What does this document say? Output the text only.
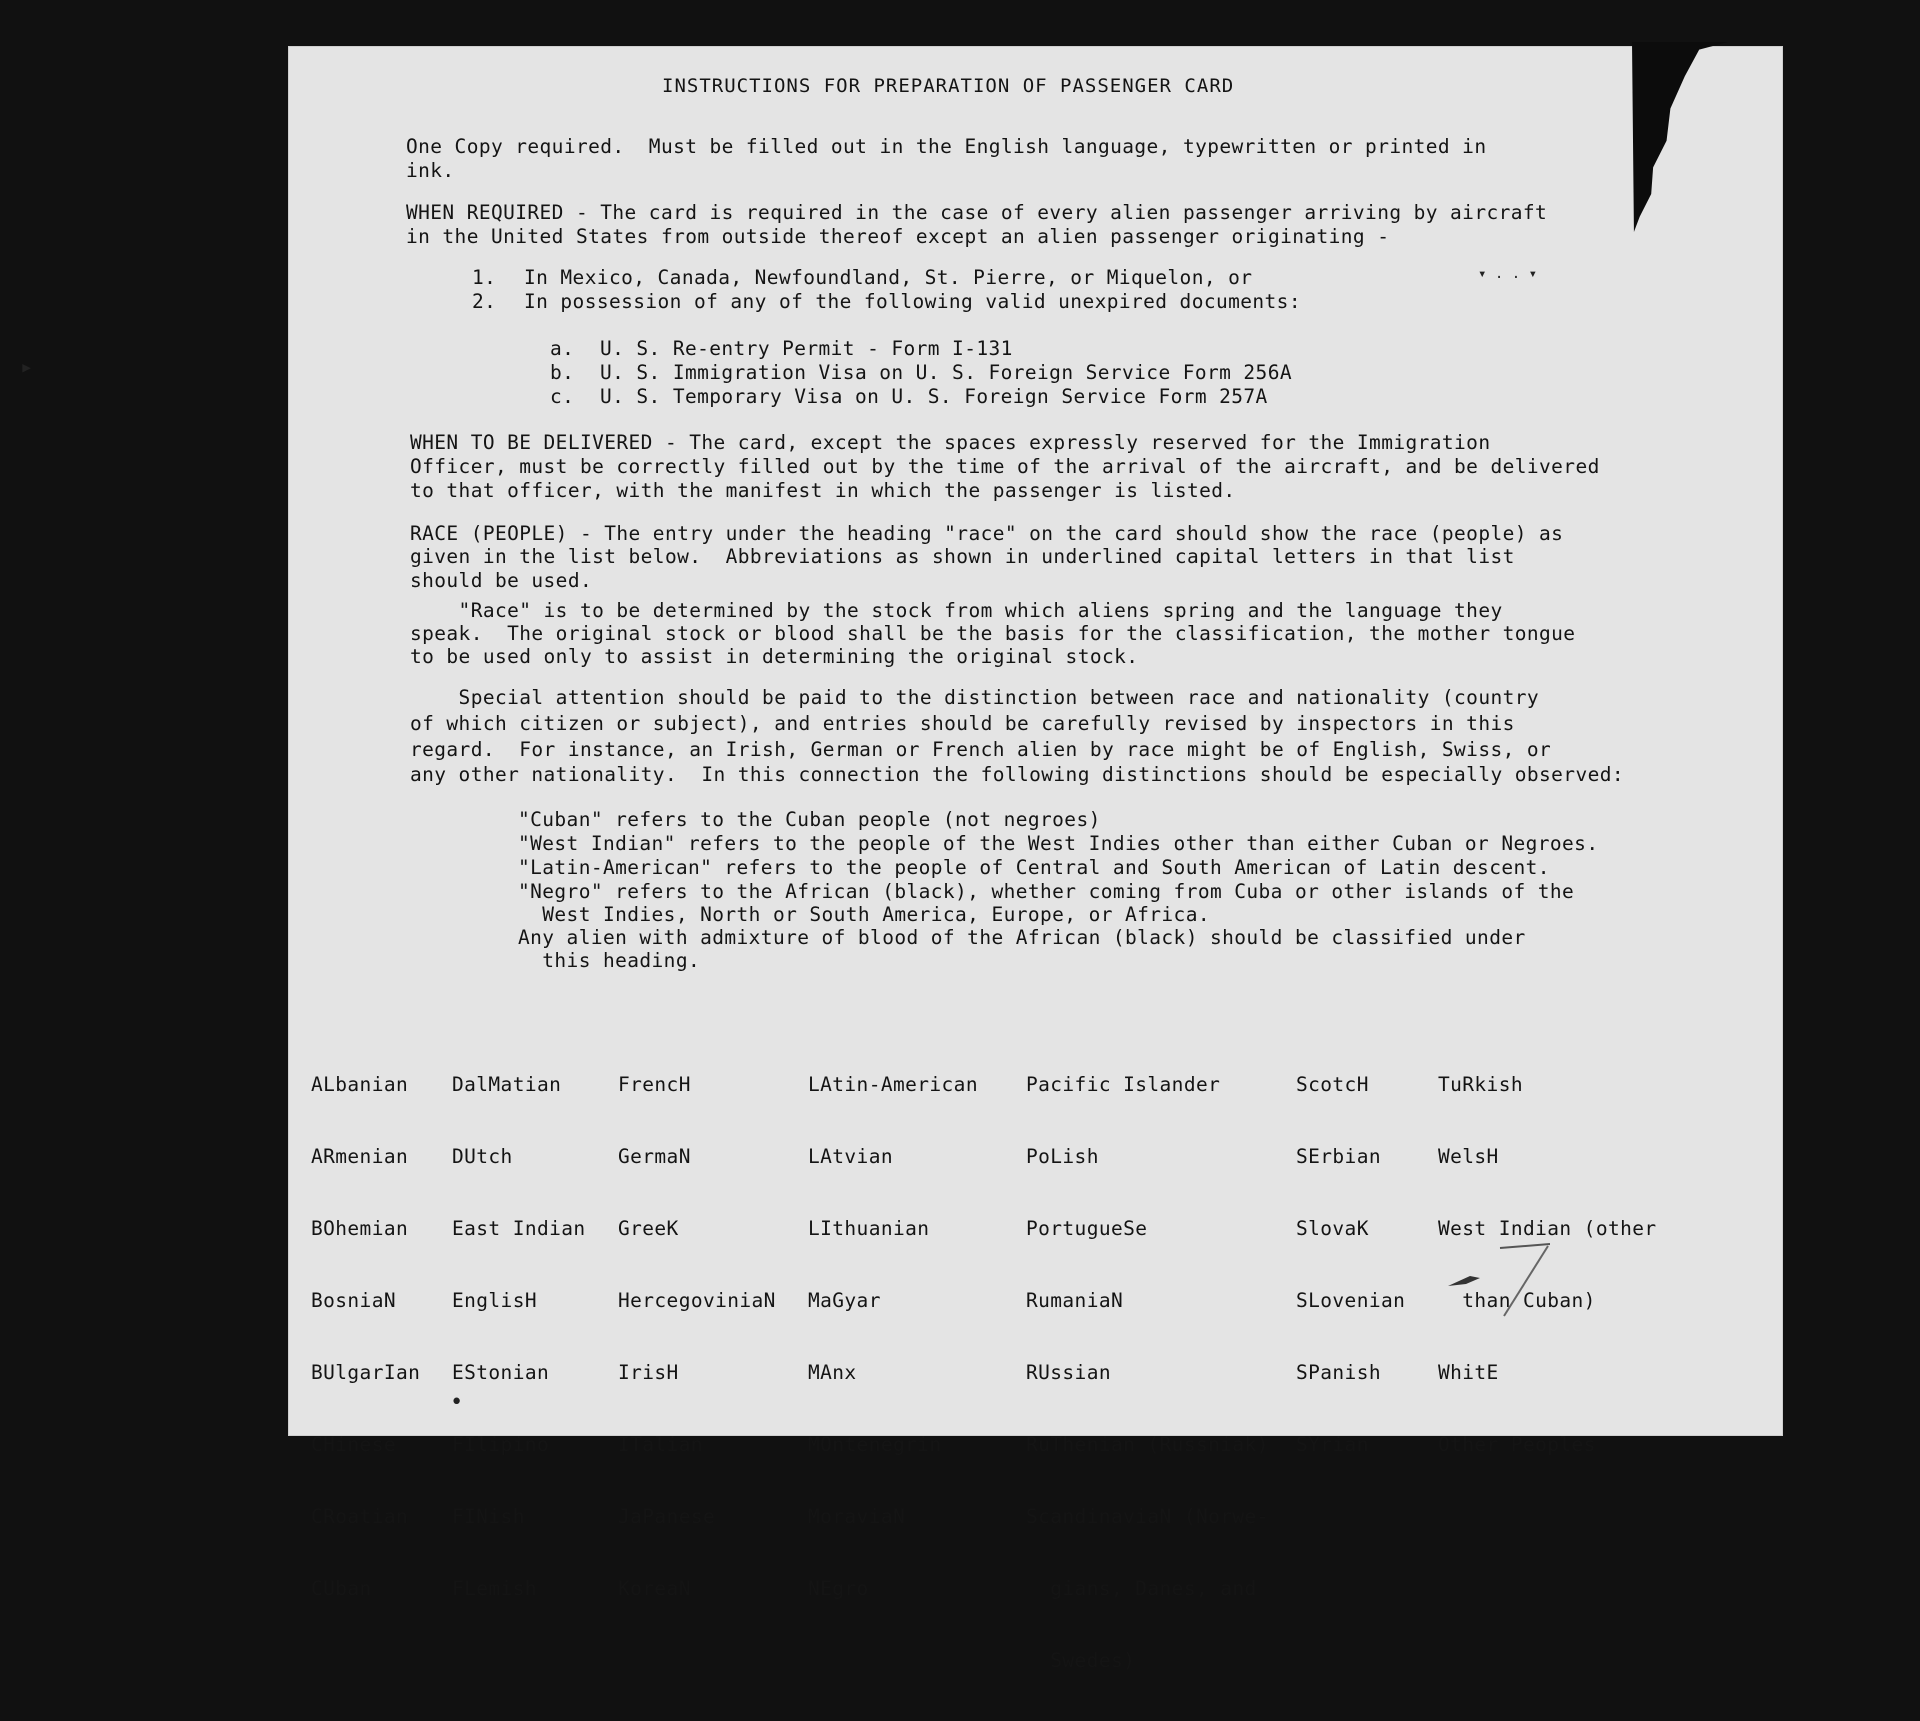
INSTRUCTIONS FOR PREPARATION OF PASSENGER CARD
One Copy required.  Must be filled out in the English language, typewritten or printed in
ink.
WHEN REQUIRED - The card is required in the case of every alien passenger arriving by aircraft
in the United States from outside thereof except an alien passenger originating -
1. In Mexico, Canada, Newfoundland, St. Pierre, or Miquelon, or
2. In possession of any of the following valid unexpired documents:
a. U. S. Re-entry Permit - Form I-131
b. U. S. Immigration Visa on U. S. Foreign Service Form 256A
c. U. S. Temporary Visa on U. S. Foreign Service Form 257A
WHEN TO BE DELIVERED - The card, except the spaces expressly reserved for the Immigration
Officer, must be correctly filled out by the time of the arrival of the aircraft, and be delivered
to that officer, with the manifest in which the passenger is listed.
RACE (PEOPLE) - The entry under the heading "race" on the card should show the race (people) as
given in the list below.  Abbreviations as shown in underlined capital letters in that list
should be used.
"Race" is to be determined by the stock from which aliens spring and the language they
speak.  The original stock or blood shall be the basis for the classification, the mother tongue
to be used only to assist in determining the original stock.
Special attention should be paid to the distinction between race and nationality (country
of which citizen or subject), and entries should be carefully revised by inspectors in this
regard.  For instance, an Irish, German or French alien by race might be of English, Swiss, or
any other nationality.  In this connection the following distinctions should be especially observed:
"Cuban" refers to the Cuban people (not negroes)
"West Indian" refers to the people of the West Indies other than either Cuban or Negroes.
"Latin-American" refers to the people of Central and South American of Latin descent.
"Negro" refers to the African (black), whether coming from Cuba or other islands of the
West Indies, North or South America, Europe, or Africa.
Any alien with admixture of blood of the African (black) should be classified under
this heading.

ALbanian

ARmenian

BOhemian

BosniaN

BUlgarIan

CHinese

CRoatian

CUban

DalMatian

DUtch

East Indian

EnglisH

EStonian

FIlipino

FINish

FLemish

FrencH

GermaN

GreeK

HercegoviniaN

IrisH

ITalian

JaPanese

KoreaN

LAtin-American

LAtvian

LIthuanian

MaGyar

MAnx

MOntenegrin

MoraviaN

NEgro

Pacific Islander

PoLish

PortugueSe

RumaniaN

RUssian

RuThenian (Russniak)

ScandinaviaN (Norwe-

gians, Danes, and

Swedes)

ScotcH

SErbian

SlovaK

SLovenian

SPanish

SYrian

TuRkish

WelsH

West Indian (other

than Cuban)

WhitE

Other Peoples

•
▸
▾ . . ▾
